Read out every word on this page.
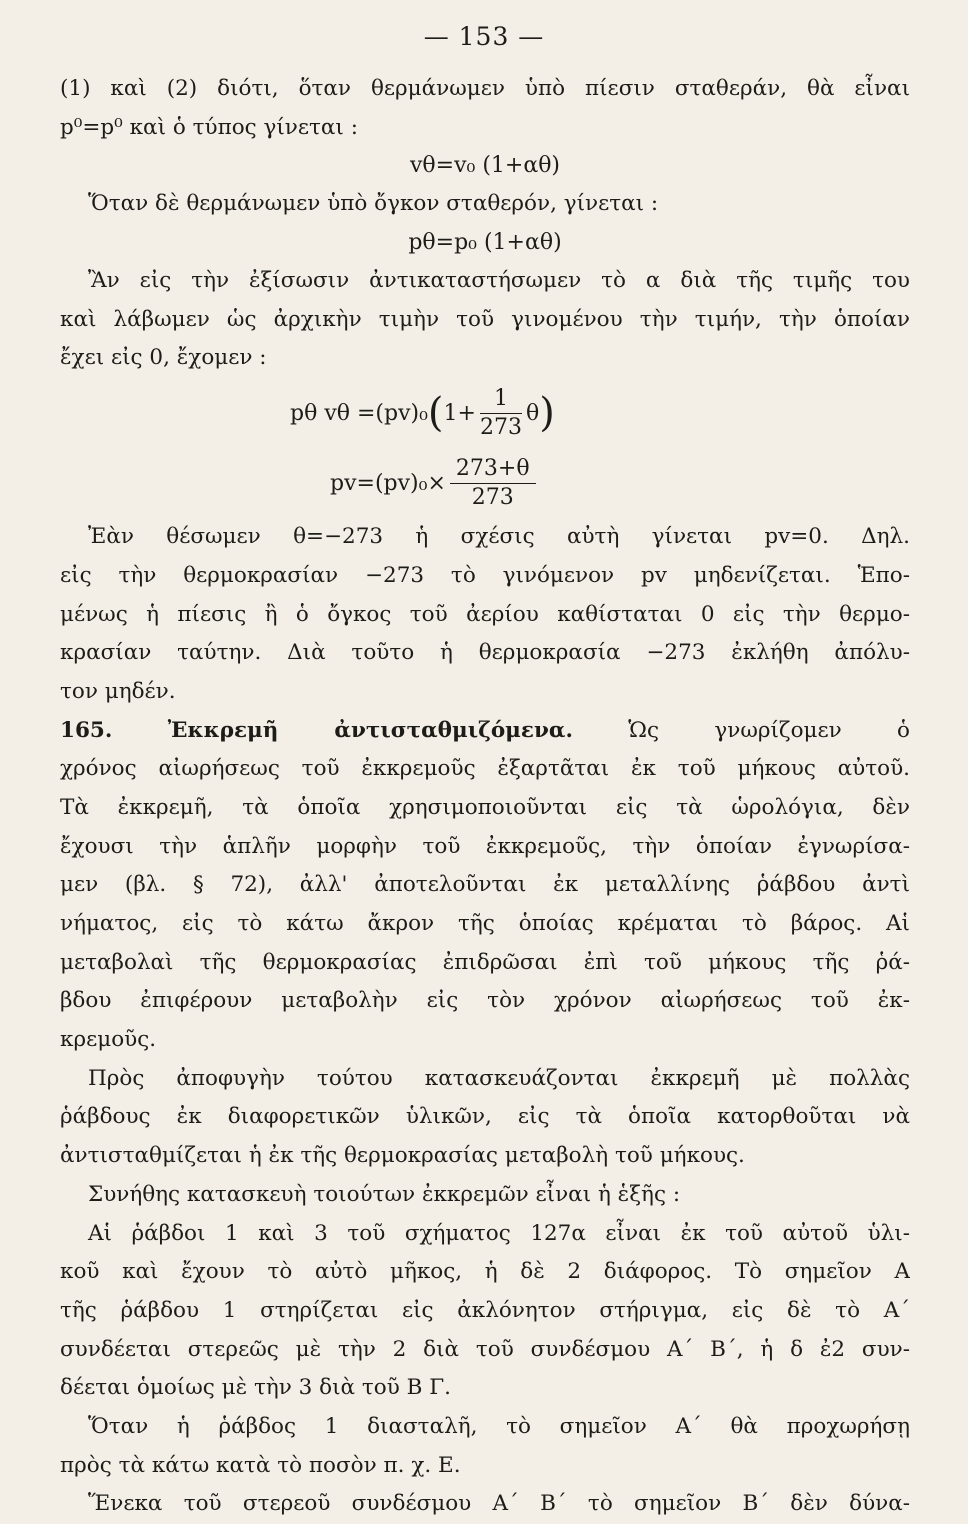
— 153 —
(1) καὶ (2) διότι, ὅταν θερμάνωμεν ὑπὸ πίεσιν σταθεράν, θὰ εἶναι
p⁰=p⁰ καὶ ὁ τύπος γίνεται :
vθ=v₀ (1+αθ)
Ὅταν δὲ θερμάνωμεν ὑπὸ ὄγκον σταθερόν, γίνεται :
pθ=p₀ (1+αθ)
Ἂν εἰς τὴν ἐξίσωσιν ἀντικαταστήσωμεν τὸ α διὰ τῆς τιμῆς του
καὶ λάβωμεν ὡς ἀρχικὴν τιμὴν τοῦ γινομένου τὴν τιμήν, τὴν ὁποίαν
ἔχει εἰς 0, ἔχομεν :
pθ vθ =(pv)₀ ( $1+ \frac{1}{273}$ θ )
$pv=(pv)_0\times \frac{273+\theta}{273}$
Ἐὰν θέσωμεν θ=−273 ἡ σχέσις αὐτὴ γίνεται pv=0. Δηλ.
εἰς τὴν θερμοκρασίαν −273 τὸ γινόμενον pv μηδενίζεται. Ἑπο-
μένως ἡ πίεσις ἢ ὁ ὄγκος τοῦ ἀερίου καθίσταται 0 εἰς τὴν θερμο-
κρασίαν ταύτην. Διὰ τοῦτο ἡ θερμοκρασία −273 ἐκλήθη ἀπόλυ-
τον μηδέν.
165.	Ἐκκρεμῆ ἀντισταθμιζόμενα.	Ὡς γνωρίζομεν ὁ
χρόνος αἰωρήσεως τοῦ ἐκκρεμοῦς ἐξαρτᾶται ἐκ τοῦ μήκους αὐτοῦ.
Τὰ ἐκκρεμῆ, τὰ ὁποῖα χρησιμοποιοῦνται εἰς τὰ ὡρολόγια, δὲν
ἔχουσι τὴν ἁπλῆν μορφὴν τοῦ ἐκκρεμοῦς, τὴν ὁποίαν ἐγνωρίσα-
μεν (βλ. § 72), ἀλλ' ἀποτελοῦνται ἐκ μεταλλίνης ῥάβδου ἀντὶ
νήματος, εἰς τὸ κάτω ἄκρον τῆς ὁποίας κρέμαται τὸ βάρος. Αἱ
μεταβολαὶ τῆς θερμοκρασίας ἐπιδρῶσαι ἐπὶ τοῦ μήκους τῆς ῥά-
βδου ἐπιφέρουν μεταβολὴν εἰς τὸν χρόνον αἰωρήσεως τοῦ ἐκ-
κρεμοῦς.
Πρὸς ἀποφυγὴν τούτου κατασκευάζονται ἐκκρεμῆ μὲ πολλὰς
ῥάβδους ἐκ διαφορετικῶν ὑλικῶν, εἰς τὰ ὁποῖα κατορθοῦται νὰ
ἀντισταθμίζεται ἡ ἐκ τῆς θερμοκρασίας μεταβολὴ τοῦ μήκους.
Συνήθης κατασκευὴ τοιούτων ἐκκρεμῶν εἶναι ἡ ἑξῆς :
Αἱ ῥάβδοι 1 καὶ 3 τοῦ σχήματος 127α εἶναι ἐκ τοῦ αὐτοῦ ὑλι-
κοῦ καὶ ἔχουν τὸ αὐτὸ μῆκος, ἡ δὲ 2 διάφορος. Τὸ σημεῖον Α
τῆς ῥάβδου 1 στηρίζεται εἰς ἀκλόνητον στήριγμα, εἰς δὲ τὸ Α΄
συνδέεται στερεῶς μὲ τὴν 2 διὰ τοῦ συνδέσμου Α΄ Β΄, ἡ δ ἐ2 συν-
δέεται ὁμοίως μὲ τὴν 3 διὰ τοῦ Β Γ.
Ὅταν ἡ ῥάβδος 1 διασταλῆ, τὸ σημεῖον Α΄ θὰ προχωρήσῃ
πρὸς τὰ κάτω κατὰ τὸ ποσὸν π. χ. Ε.
Ἕνεκα τοῦ στερεοῦ συνδέσμου Α΄ Β΄ τὸ σημεῖον Β΄ δὲν δύνα-
